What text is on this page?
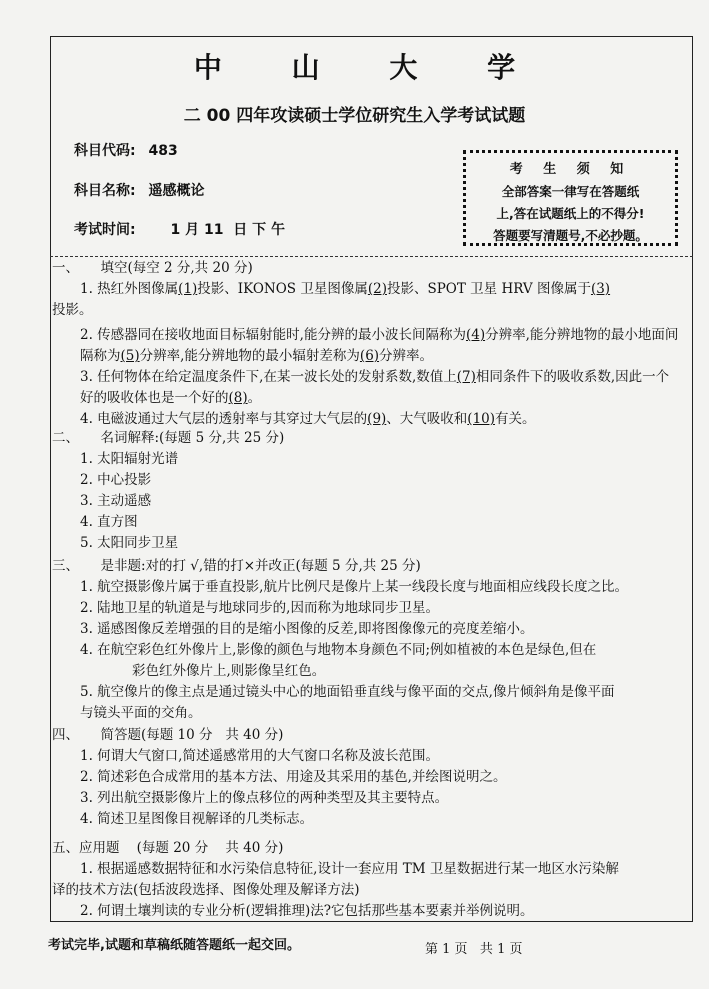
中 山 大 学
二 00 四年攻读硕士学位研究生入学考试试题
科目代码: 483
科目名称: 遥感概论
考试时间: 1 月 11  日 下 午
考 生 须 知
全部答案一律写在答题纸
上,答在试题纸上的不得分!
答题要写清题号,不必抄题。
一、     填空(每空 2 分,共 20 分)
1. 热红外图像属(1)投影、IKONOS 卫星图像属(2)投影、SPOT 卫星 HRV 图像属于(3)
投影。
2. 传感器同在接收地面目标辐射能时,能分辨的最小波长间隔称为(4)分辨率,能分辨地物的最小地面间隔称为(5)分辨率,能分辨地物的最小辐射差称为(6)分辨率。
3. 任何物体在给定温度条件下,在某一波长处的发射系数,数值上(7)相同条件下的吸收系数,因此一个好的吸收体也是一个好的(8)。
4. 电磁波通过大气层的透射率与其穿过大气层的(9)、大气吸收和(10)有关。
二、     名词解释:(每题 5 分,共 25 分)
1. 太阳辐射光谱
2. 中心投影
3. 主动遥感
4. 直方图
5. 太阳同步卫星
三、     是非题:对的打 √,错的打×并改正(每题 5 分,共 25 分)
1. 航空摄影像片属于垂直投影,航片比例尺是像片上某一线段长度与地面相应线段长度之比。
2. 陆地卫星的轨道是与地球同步的,因而称为地球同步卫星。
3. 遥感图像反差增强的目的是缩小图像的反差,即将图像像元的亮度差缩小。
4. 在航空彩色红外像片上,影像的颜色与地物本身颜色不同;例如植被的本色是绿色,但在
彩色红外像片上,则影像呈红色。
5. 航空像片的像主点是通过镜头中心的地面铅垂直线与像平面的交点,像片倾斜角是像平面
与镜头平面的交角。
四、     简答题(每题 10 分   共 40 分)
1. 何谓大气窗口,简述遥感常用的大气窗口名称及波长范围。
2. 简述彩色合成常用的基本方法、用途及其采用的基色,并绘图说明之。
3. 列出航空摄影像片上的像点移位的两种类型及其主要特点。
4. 简述卫星图像目视解译的几类标志。
五、应用题    (每题 20 分    共 40 分)
1. 根据遥感数据特征和水污染信息特征,设计一套应用 TM 卫星数据进行某一地区水污染解
译的技术方法(包括波段选择、图像处理及解译方法)
2. 何谓土壤判读的专业分析(逻辑推理)法?它包括那些基本要素并举例说明。
考试完毕,试题和草稿纸随答题纸一起交回。	第 1 页   共 1 页
